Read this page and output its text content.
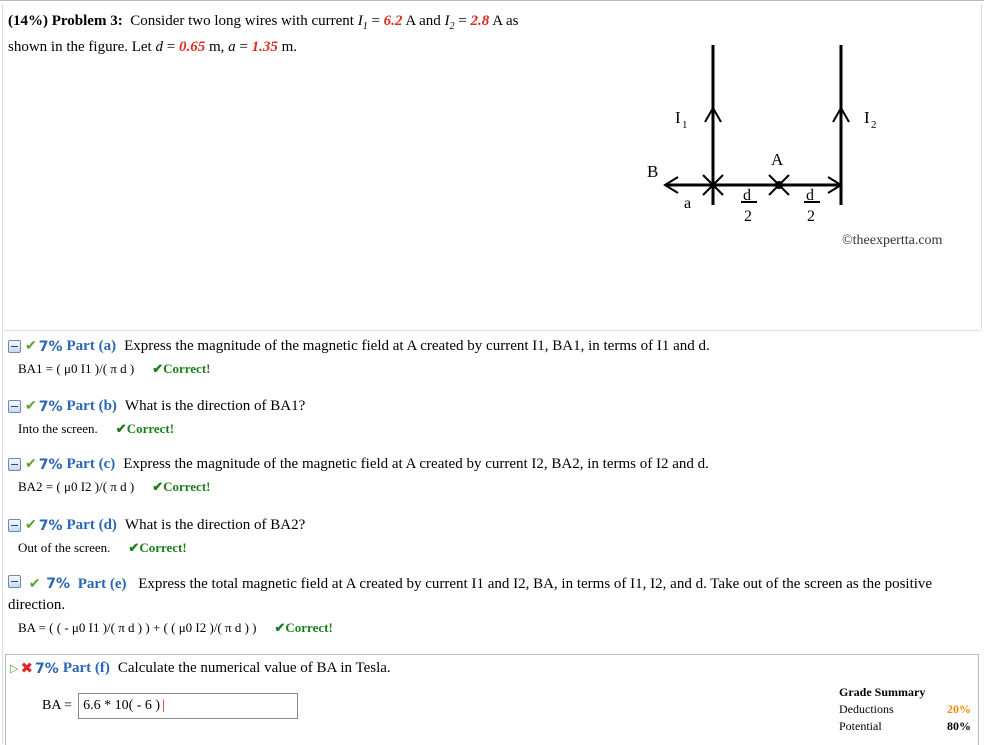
(14%) Problem 3: Consider two long wires with current $I_1 = 6.2$ A and $I_2 = 2.8$ A as
shown in the figure. Let d = 0.65 m, a = 1.35 m.
I 1	I 2
A
B
a	d
2
d
2
©theexpertta.com
✔ 7% Part (a) Express the magnitude of the magnetic field at A created by current I1, BA1, in terms of I1 and d.
BA1 = ( μ0 I1 )/( π d )	✔ Correct!
✔ 7% Part (b) What is the direction of BA1?
Into the screen.	✔ Correct!
✔ 7% Part (c) Express the magnitude of the magnetic field at A created by current I2, BA2, in terms of I2 and d.
BA2 = ( μ0 I2 )/( π d )	✔ Correct!
✔ 7% Part (d) What is the direction of BA2?
Out of the screen.	✔ Correct!
✔ 7% Part (e) Express the total magnetic field at A created by current I1 and I2, BA, in terms of I1, I2, and d. Take out of the screen as the positive direction.
BA = ( ( - μ0 I1 )/( π d ) ) + ( ( μ0 I2 )/( π d ) )	✔ Correct!
▷ ✖ 7% Part (f) Calculate the numerical value of BA in Tesla.
BA = 6.6 * 10( - 6 ) |
Grade Summary
Deductions	20%
Potential	80%
